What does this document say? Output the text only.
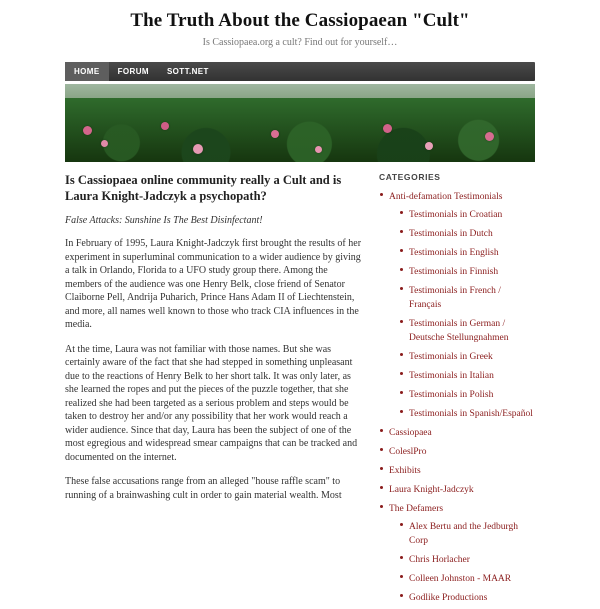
The Truth About the Cassiopaean "Cult"
Is Cassiopaea.org a cult? Find out for yourself…
HOME	FORUM	SOTT.NET
Is Cassiopaea online community really a Cult and is Laura Knight-Jadczyk a psychopath?

False Attacks: Sunshine Is The Best Disinfectant!

In February of 1995, Laura Knight-Jadczyk first brought the results of her experiment in superluminal communication to a wider audience by giving a talk in Orlando, Florida to a UFO study group there. Among the members of the audience was one Henry Belk, close friend of Senator Claiborne Pell, Andrija Puharich, Prince Hans Adam II of Liechtenstein, and more, all names well known to those who track CIA influences in the media.

At the time, Laura was not familiar with those names. But she was certainly aware of the fact that she had stepped in something unpleasant due to the reactions of Henry Belk to her short talk. It was only later, as she learned the ropes and put the pieces of the puzzle together, that she realized she had been targeted as a serious problem and steps would be taken to destroy her and/or any possibility that her work would reach a wider audience. Since that day, Laura has been the subject of one of the most egregious and widespread smear campaigns that can be tracked and documented on the internet.

These false accusations range from an alleged "house raffle scam" to running of a brainwashing cult in order to gain material wealth. Most

CATEGORIES
Anti-defamation Testimonials
Testimonials in Croatian
Testimonials in Dutch
Testimonials in English
Testimonials in Finnish
Testimonials in French / Français
Testimonials in German / Deutsche Stellungnahmen
Testimonials in Greek
Testimonials in Italian
Testimonials in Polish
Testimonials in Spanish/Español
Cassiopaea
ColeslPro
Exhibits
Laura Knight-Jadczyk
The Defamers
Alex Bertu and the Jedburgh Corp
Chris Horlacher
Colleen Johnston - MAAR
Godlike Productions
